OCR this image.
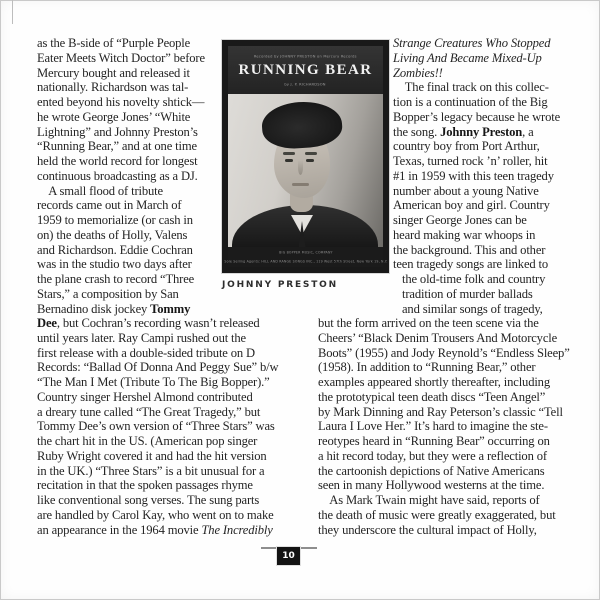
as the B-side of “Purple People
Eater Meets Witch Doctor” before
Mercury bought and released it
nationally. Richardson was tal-
ented beyond his novelty shtick—
he wrote George Jones’ “White
Lightning” and Johnny Preston’s
“Running Bear,” and at one time
held the world record for longest
continuous broadcasting as a DJ.
A small flood of tribute
records came out in March of
1959 to memorialize (or cash in
on) the deaths of Holly, Valens
and Richardson. Eddie Cochran
was in the studio two days after
the plane crash to record “Three
Stars,” a composition by San
Bernadino disk jockey Tommy
Dee, but Cochran’s recording wasn’t released
until years later. Ray Campi rushed out the
first release with a double-sided tribute on D
Records: “Ballad Of Donna And Peggy Sue” b/w
“The Man I Met (Tribute To The Big Bopper).”
Country singer Hershel Almond contributed
a dreary tune called “The Great Tragedy,” but
Tommy Dee’s own version of “Three Stars” was
the chart hit in the US. (American pop singer
Ruby Wright covered it and had the hit version
in the UK.) “Three Stars” is a bit unusual for a
recitation in that the spoken passages rhyme
like conventional song verses. The sung parts
are handled by Carol Kay, who went on to make
an appearance in the 1964 movie The Incredibly
Strange Creatures Who Stopped
Living And Became Mixed-Up
Zombies!!
The final track on this collec-
tion is a continuation of the Big
Bopper’s legacy because he wrote
the song. Johnny Preston, a
country boy from Port Arthur,
Texas, turned rock ’n’ roller, hit
#1 in 1959 with this teen tragedy
number about a young Native
American boy and girl. Country
singer George Jones can be
heard making war whoops in
the background. This and other
teen tragedy songs are linked to
the old-time folk and country
tradition of murder ballads
and similar songs of tragedy,
but the form arrived on the teen scene via the
Cheers’ “Black Denim Trousers And Motorcycle
Boots” (1955) and Jody Reynold’s “Endless Sleep”
(1958). In addition to “Running Bear,” other
examples appeared shortly thereafter, including
the prototypical teen death discs “Teen Angel”
by Mark Dinning and Ray Peterson’s classic “Tell
Laura I Love Her.” It’s hard to imagine the ste-
reotypes heard in “Running Bear” occurring on
a hit record today, but they were a reflection of
the cartoonish depictions of Native Americans
seen in many Hollywood westerns at the time.
As Mark Twain might have said, reports of
the death of music were greatly exaggerated, but
they underscore the cultural impact of Holly,
Recorded by JOHNNY PRESTON on Mercury Records
RUNNING BEAR
by J. P. RICHARDSON
BIG BOPPER MUSIC, COMPANY
Sole Selling Agents: HILL AND RANGE SONGS INC., 119 West 57th Street, New York 19, N.Y.
JOHNNY PRESTON
10
